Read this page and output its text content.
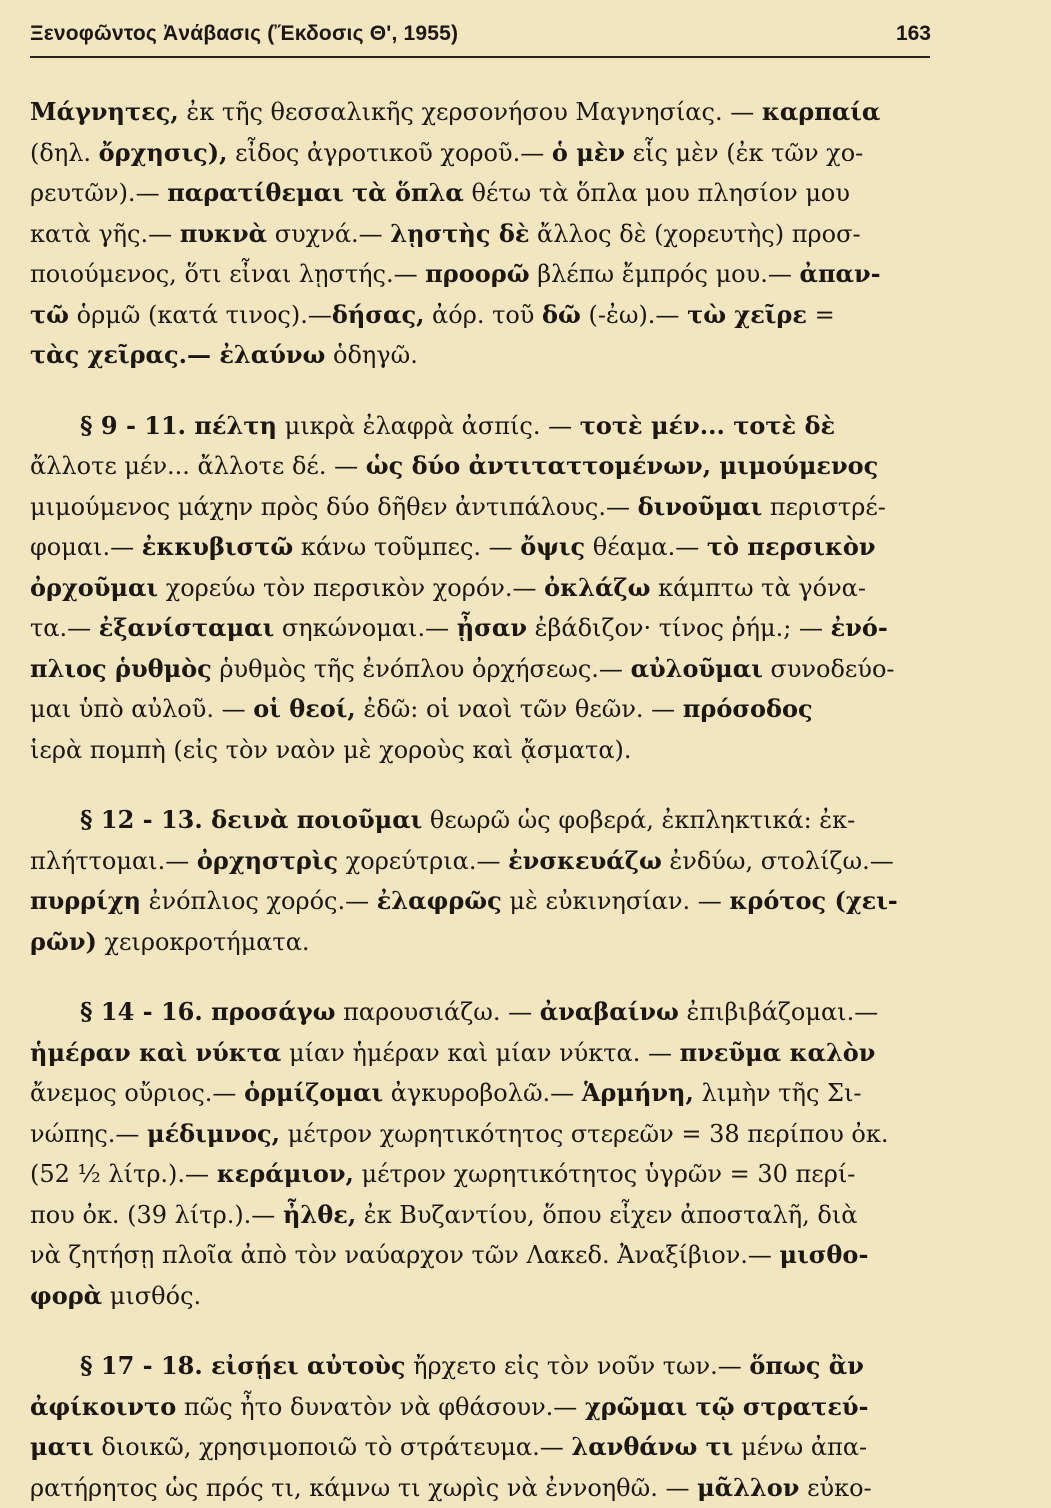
Ξενοφῶντος Ἀνάβασις (Ἔκδοσις Θ', 1955)	163
Μάγνητες, ἐκ τῆς θεσσαλικῆς χερσονήσου Μαγνησίας. — καρπαία
(δηλ. ὄρχησις), εἶδος ἀγροτικοῦ χοροῦ.— ὁ μὲν εἷς μὲν (ἐκ τῶν χο-
ρευτῶν).— παρατίθεμαι τὰ ὅπλα θέτω τὰ ὅπλα μου πλησίον μου
κατὰ γῆς.— πυκνὰ συχνά.— λῃστὴς δὲ ἄλλος δὲ (χορευτὴς) προσ-
ποιούμενος, ὅτι εἶναι λῃστής.— προορῶ βλέπω ἔμπρός μου.— ἀπαν-
τῶ ὁρμῶ (κατά τινος).—δήσας, ἀόρ. τοῦ δῶ (-ἐω).— τὼ χεῖρε =
τὰς χεῖρας.— ἐλαύνω ὁδηγῶ.
§ 9 - 11. πέλτη μικρὰ ἐλαφρὰ ἀσπίς. — τοτὲ μέν... τοτὲ δὲ
ἄλλοτε μέν... ἄλλοτε δέ. — ὡς δύο ἀντιταττομένων, μιμούμενος
μιμούμενος μάχην πρὸς δύο δῆθεν ἀντιπάλους.— δινοῦμαι περιστρέ-
φομαι.— ἐκκυβιστῶ κάνω τοῦμπες. — ὄψις θέαμα.— τὸ περσικὸν
ὀρχοῦμαι χορεύω τὸν περσικὸν χορόν.— ὀκλάζω κάμπτω τὰ γόνα-
τα.— ἐξανίσταμαι σηκώνομαι.— ᾖσαν ἐβάδιζον· τίνος ῥήμ.; — ἐνό-
πλιος ῥυθμὸς ῥυθμὸς τῆς ἐνόπλου ὀρχήσεως.— αὐλοῦμαι συνοδεύο-
μαι ὑπὸ αὐλοῦ. — οἱ θεοί, ἐδῶ: οἱ ναοὶ τῶν θεῶν. — πρόσοδος
ἱερὰ πομπὴ (εἰς τὸν ναὸν μὲ χοροὺς καὶ ᾄσματα).
§ 12 - 13. δεινὰ ποιοῦμαι θεωρῶ ὡς φοβερά, ἐκπληκτικά: ἐκ-
πλήττομαι.— ὀρχηστρὶς χορεύτρια.— ἐνσκευάζω ἐνδύω, στολίζω.—
πυρρίχη ἐνόπλιος χορός.— ἐλαφρῶς μὲ εὐκινησίαν. — κρότος (χει-
ρῶν) χειροκροτήματα.
§ 14 - 16. προσάγω παρουσιάζω. — ἀναβαίνω ἐπιβιβάζομαι.—
ἡμέραν καὶ νύκτα μίαν ἡμέραν καὶ μίαν νύκτα. — πνεῦμα καλὸν
ἄνεμος οὔριος.— ὁρμίζομαι ἀγκυροβολῶ.— Ἁρμήνη, λιμὴν τῆς Σι-
νώπης.— μέδιμνος, μέτρον χωρητικότητος στερεῶν = 38 περίπου ὀκ.
(52 ½ λίτρ.).— κεράμιον, μέτρον χωρητικότητος ὑγρῶν = 30 περί-
που ὀκ. (39 λίτρ.).— ἦλθε, ἐκ Βυζαντίου, ὅπου εἶχεν ἀποσταλῆ, διὰ
νὰ ζητήσῃ πλοῖα ἀπὸ τὸν ναύαρχον τῶν Λακεδ. Ἀναξίβιον.— μισθο-
φορὰ μισθός.
§ 17 - 18. εἰσῄει αὐτοὺς ἤρχετο εἰς τὸν νοῦν των.— ὅπως ἂν
ἀφίκοιντο πῶς ἦτο δυνατὸν νὰ φθάσουν.— χρῶμαι τῷ στρατεύ-
ματι διοικῶ, χρησιμοποιῶ τὸ στράτευμα.— λανθάνω τι μένω ἀπα-
ρατήρητος ὡς πρός τι, κάμνω τι χωρὶς νὰ ἐννοηθῶ. — μᾶλλον εὐκο-
